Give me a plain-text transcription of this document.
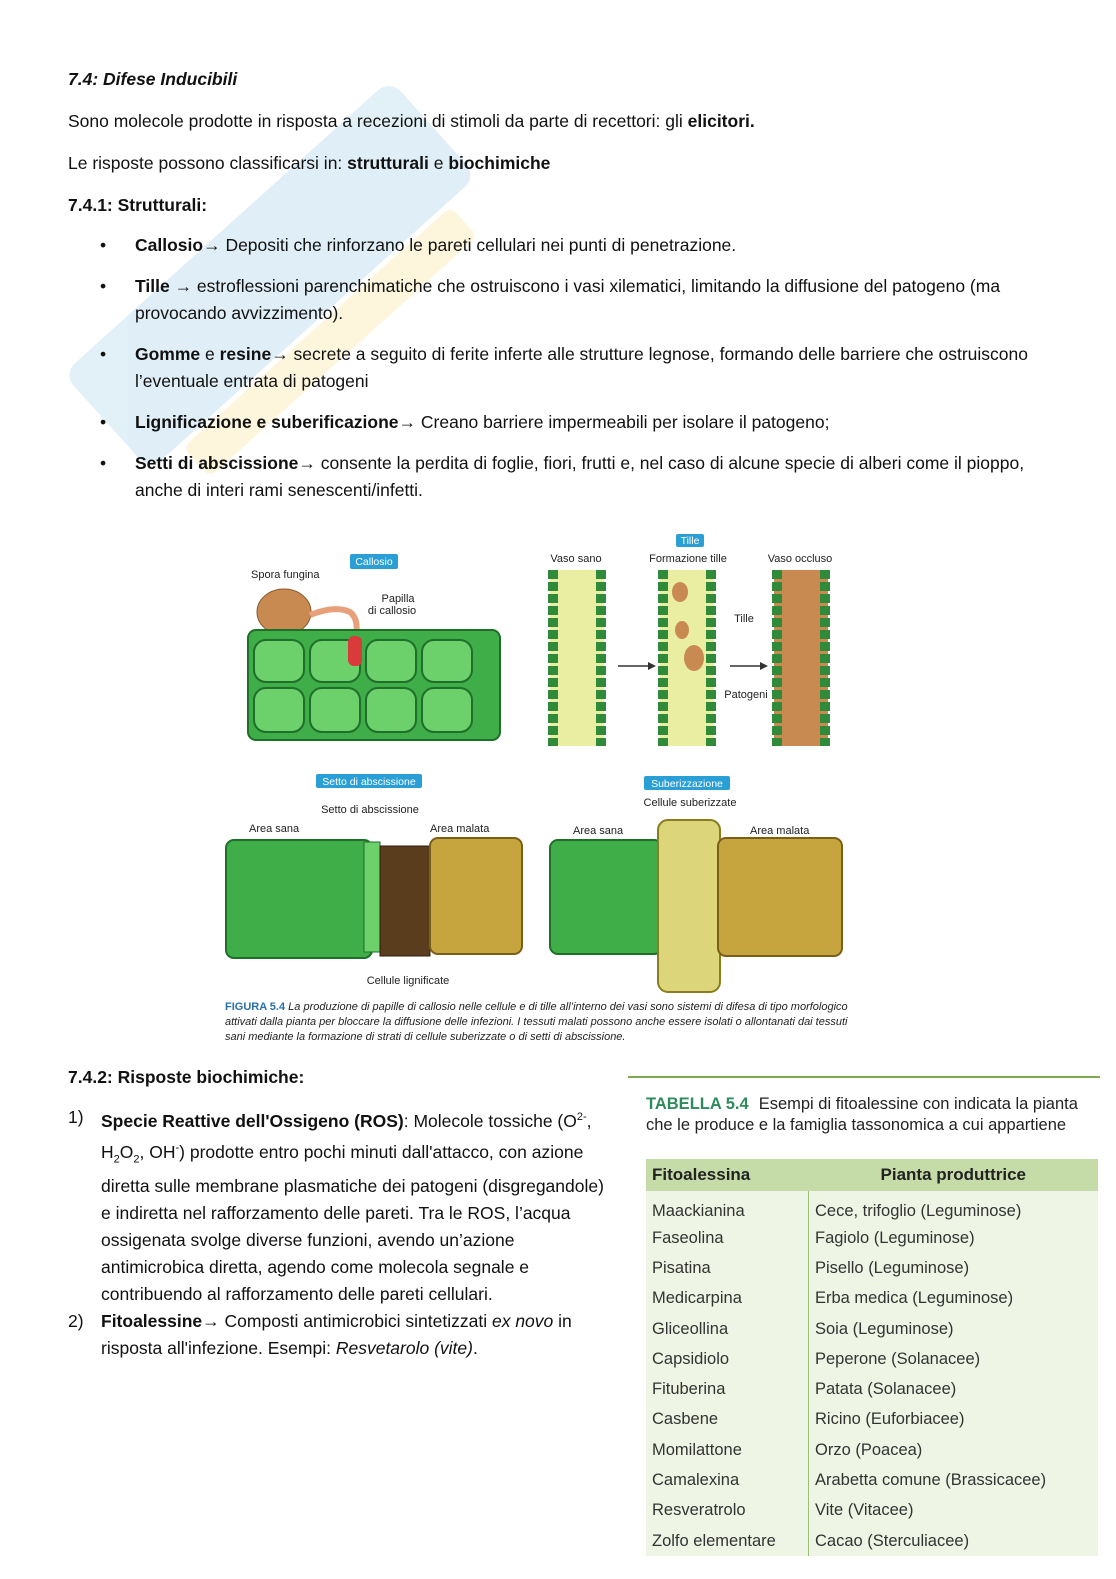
7.4: Difese Inducibili
Sono molecole prodotte in risposta a recezioni di stimoli da parte di recettori: gli elicitori.
Le risposte possono classificarsi in: strutturali e biochimiche
7.4.1: Strutturali:
• Callosio→ Depositi che rinforzano le pareti cellulari nei punti di penetrazione.
• Tille → estroflessioni parenchimatiche che ostruiscono i vasi xilematici, limitando la diffusione del patogeno (ma provocando avvizzimento).
• Gomme e resine→ secrete a seguito di ferite inferte alle strutture legnose, formando delle barriere che ostruiscono l’eventuale entrata di patogeni
• Lignificazione e suberificazione→ Creano barriere impermeabili per isolare il patogeno;
• Setti di abscissione→ consente la perdita di foglie, fiori, frutti e, nel caso di alcune specie di alberi come il pioppo, anche di interi rami senescenti/infetti.
Callosio
Spora fungina
Papilla
di callosio
Tille
Vaso sano	Formazione tille	Vaso occluso
Tille
Patogeni
Setto di abscissione
Setto di abscissione
Area sana	Area malata
Cellule lignificate
Suberizzazione
Cellule suberizzate
Area sana	Area malata
FIGURA 5.4 La produzione di papille di callosio nelle cellule e di tille all’interno dei vasi sono sistemi di difesa di tipo morfologico attivati dalla pianta per bloccare la diffusione delle infezioni. I tessuti malati possono anche essere isolati o allontanati dai tessuti sani mediante la formazione di strati di cellule suberizzate o di setti di abscissione.
7.4.2: Risposte biochimiche:
1) Specie Reattive dell'Ossigeno (ROS): Molecole tossiche ($O^{2-}$, $H_2O_2$, OH-) prodotte entro pochi minuti dall'attacco, con azione diretta sulle membrane plasmatiche dei patogeni (disgregandole) e indiretta nel rafforzamento delle pareti. Tra le ROS, l’acqua ossigenata svolge diverse funzioni, avendo un’azione antimicrobica diretta, agendo come molecola segnale e contribuendo al rafforzamento delle pareti cellulari.
2) Fitoalessine→ Composti antimicrobici sintetizzati ex novo in risposta all'infezione. Esempi: Resvetarolo (vite).
TABELLA 5.4 Esempi di fitoalessine con indicata la pianta che le produce e la famiglia tassonomica a cui appartiene
Fitoalessina	Pianta produttrice
Maackianina	Cece, trifoglio (Leguminose)
Faseolina	Fagiolo (Leguminose)
Pisatina	Pisello (Leguminose)
Medicarpina	Erba medica (Leguminose)
Gliceollina	Soia (Leguminose)
Capsidiolo	Peperone (Solanacee)
Fituberina	Patata (Solanacee)
Casbene	Ricino (Euforbiacee)
Momilattone	Orzo (Poacea)
Camalexina	Arabetta comune (Brassicacee)
Resveratrolo	Vite (Vitacee)
Zolfo elementare	Cacao (Sterculiacee)
